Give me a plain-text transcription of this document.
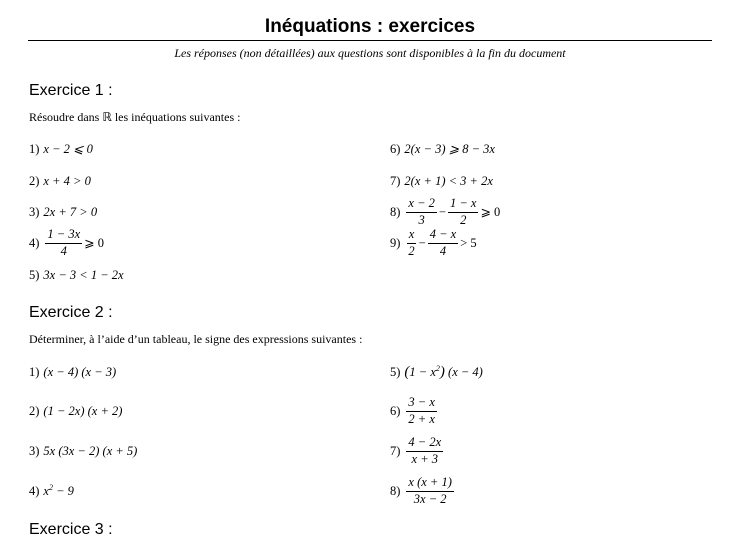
Inéquations : exercices
Les réponses (non détaillées) aux questions sont disponibles à la fin du document
Exercice 1 :
Résoudre dans ℝ les inéquations suivantes :
1) x − 2 ⩽ 0
2) x + 4 > 0
3) 2x + 7 > 0
$4) \frac{1 - 3x}{4}$ ⩾ 0
5) 3x − 3 < 1 − 2x
6) 2(x − 3) ⩾ 8 − 3x
7) 2(x + 1) < 3 + 2x
$8) \frac{x - 2}{3} - \frac{1 - x}{2}$ ⩾ 0
$9) \frac{x}{2} - \frac{4 - x}{4} > 5$
Exercice 2 :
Déterminer, à l’aide d’un tableau, le signe des expressions suivantes :
1) (x − 4) (x − 3)
2) (1 − 2x) (x + 2)
3) 5x (3x − 2) (x + 5)
4) $x^2 - 9$
5) $(1 - x^2)$ (x − 4)
$6) \frac{3 - x}{2 + x}$
$7) \frac{4 - 2x}{x + 3}$
$8) \frac{x (x + 1)}{3x - 2}$
Exercice 3 :
